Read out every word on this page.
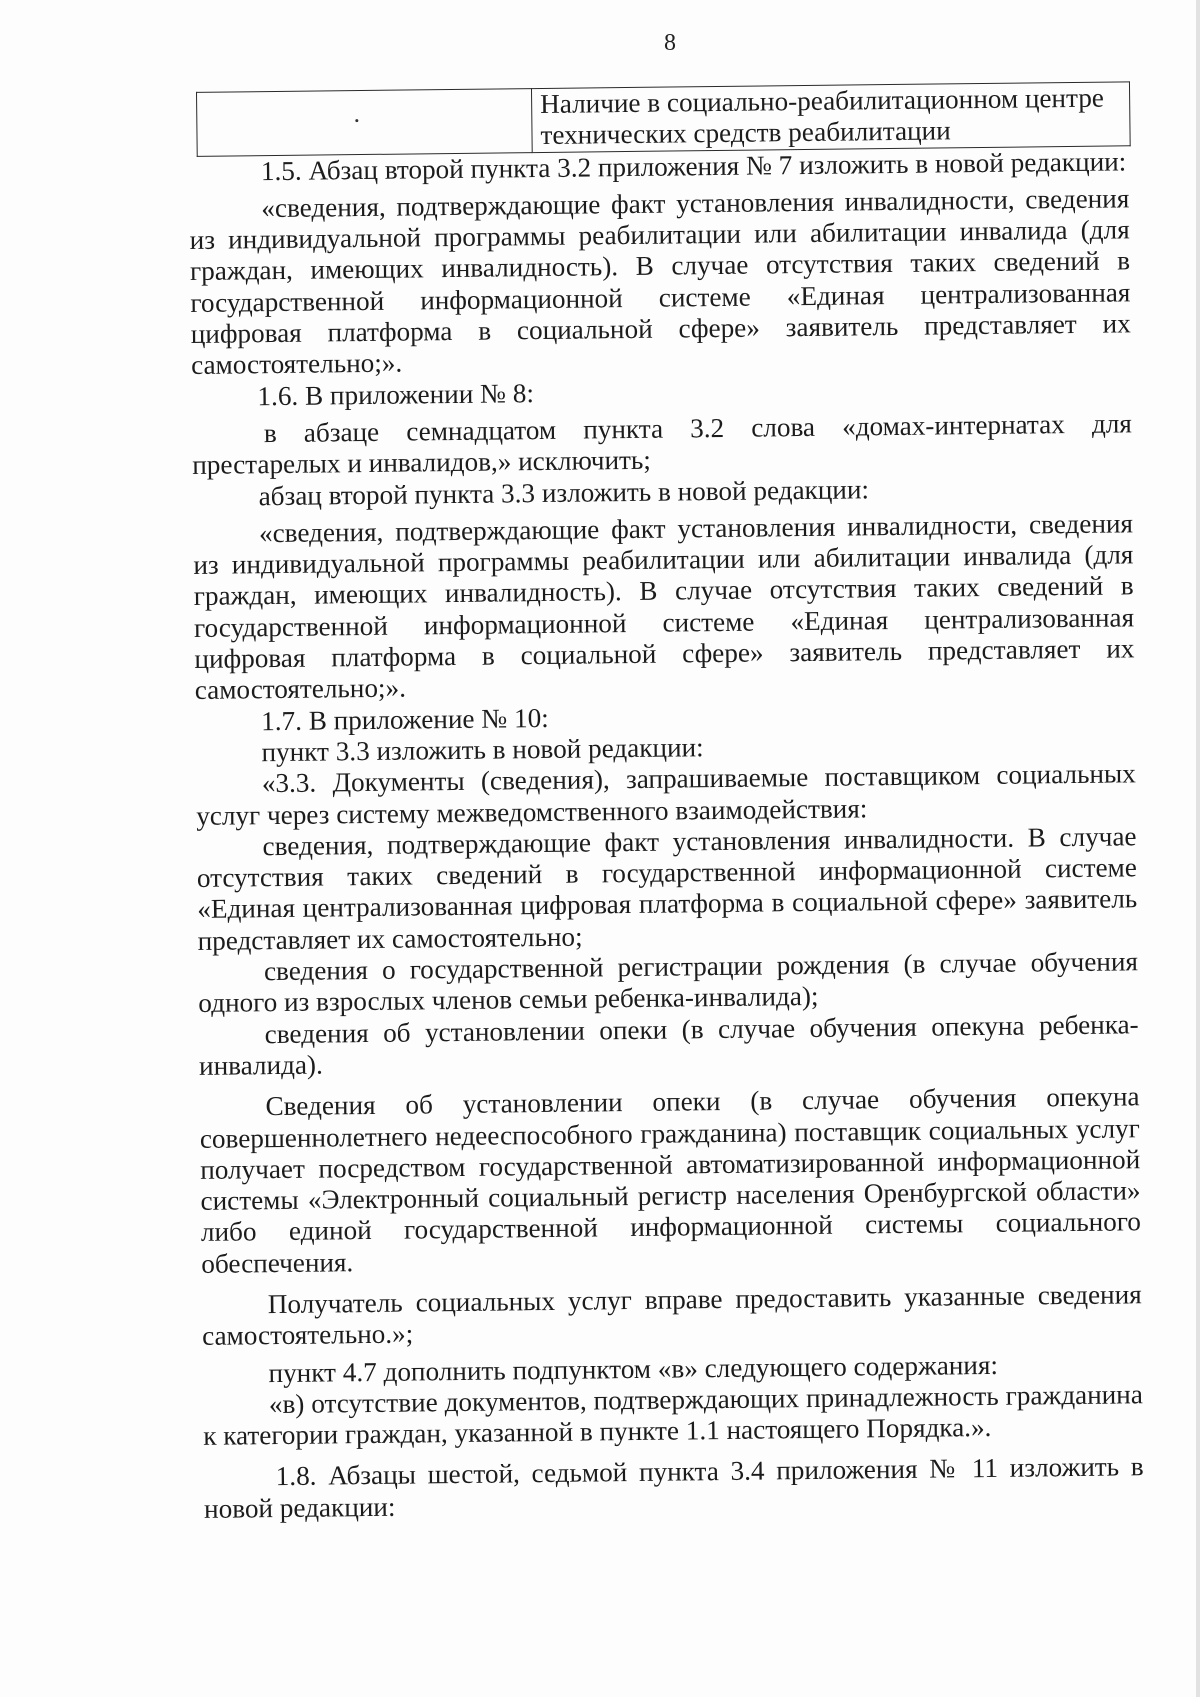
8
	Наличие в социально-реабилитационном центре технических средств реабилитации

1.5. Абзац второй пункта 3.2 приложения № 7 изложить в новой редакции:

«сведения, подтверждающие факт установления инвалидности, сведения из индивидуальной программы реабилитации или абилитации инвалида (для граждан, имеющих инвалидность). В случае отсутствия таких сведений в государственной информационной системе «Единая централизованная цифровая платформа в социальной сфере» заявитель представляет их самостоятельно;».

1.6. В приложении № 8:

в абзаце семнадцатом пункта 3.2 слова «домах-интернатах для престарелых и инвалидов,» исключить;

абзац второй пункта 3.3 изложить в новой редакции:

«сведения, подтверждающие факт установления инвалидности, сведения из индивидуальной программы реабилитации или абилитации инвалида (для граждан, имеющих инвалидность). В случае отсутствия таких сведений в государственной информационной системе «Единая централизованная цифровая платформа в социальной сфере» заявитель представляет их самостоятельно;».

1.7. В приложение № 10:

пункт 3.3 изложить в новой редакции:

«3.3. Документы (сведения), запрашиваемые поставщиком социальных услуг через систему межведомственного взаимодействия:

сведения, подтверждающие факт установления инвалидности. В случае отсутствия таких сведений в государственной информационной системе «Единая централизованная цифровая платформа в социальной сфере» заявитель представляет их самостоятельно;

сведения о государственной регистрации рождения (в случае обучения одного из взрослых членов семьи ребенка-инвалида);

сведения об установлении опеки (в случае обучения опекуна ребенка-инвалида).

Сведения об установлении опеки (в случае обучения опекуна совершеннолетнего недееспособного гражданина) поставщик социальных услуг получает посредством государственной автоматизированной информационной системы «Электронный социальный регистр населения Оренбургской области» либо единой государственной информационной системы социального обеспечения.

Получатель социальных услуг вправе предоставить указанные сведения самостоятельно.»;

пункт 4.7 дополнить подпунктом «в» следующего содержания:

«в) отсутствие документов, подтверждающих принадлежность гражданина к категории граждан, указанной в пункте 1.1 настоящего Порядка.».

1.8. Абзацы шестой, седьмой пункта 3.4 приложения № 11 изложить в новой редакции:
